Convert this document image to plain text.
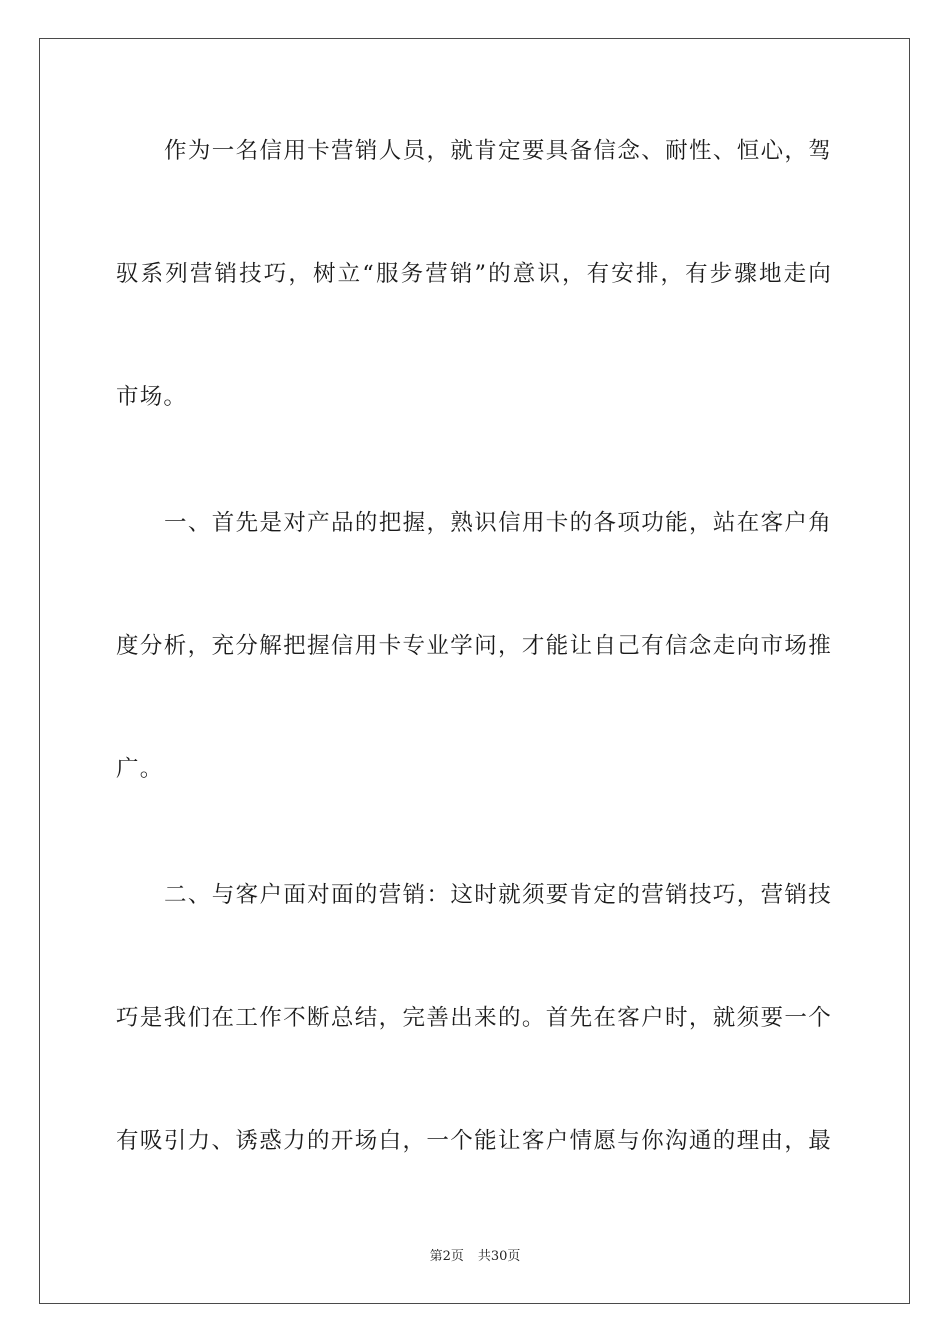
作为一名信用卡营销人员，就肯定要具备信念、耐性、恒心，驾
驭系列营销技巧，树立“服务营销”的意识，有安排，有步骤地走向
市场。
一、首先是对产品的把握，熟识信用卡的各项功能，站在客户角
度分析，充分解把握信用卡专业学问，才能让自己有信念走向市场推
广。
二、与客户面对面的营销：这时就须要肯定的营销技巧，营销技
巧是我们在工作不断总结，完善出来的。首先在客户时，就须要一个
有吸引力、诱惑力的开场白，一个能让客户情愿与你沟通的理由，最
第2页 共30页
